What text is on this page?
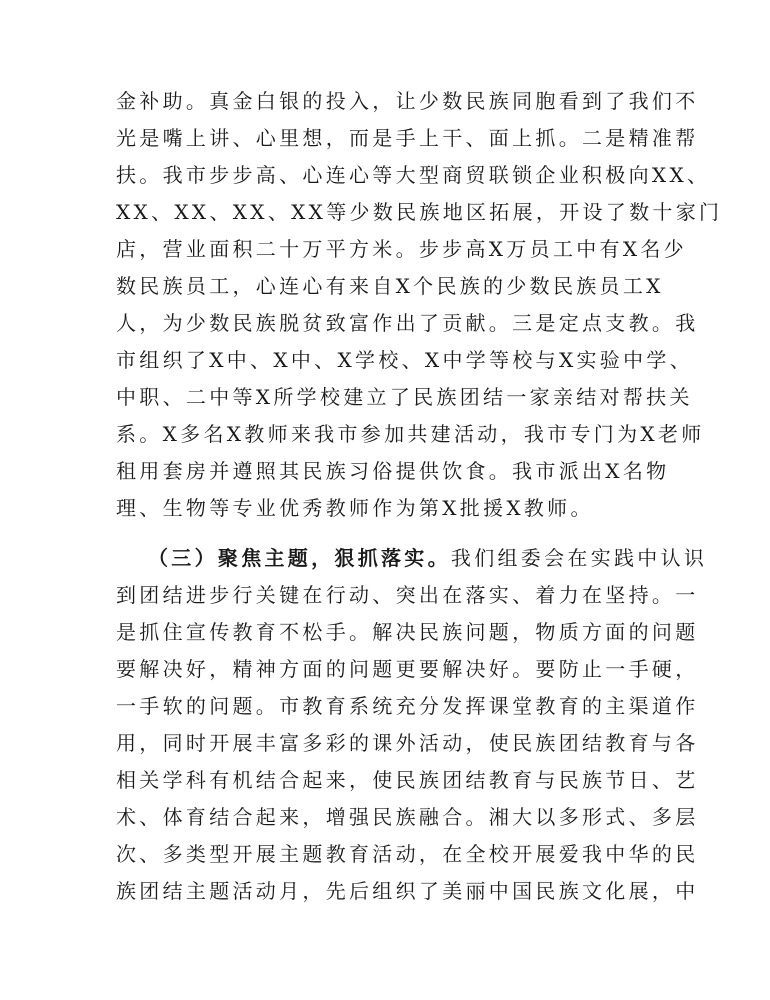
金补助。真金白银的投入，让少数民族同胞看到了我们不
光是嘴上讲、心里想，而是手上干、面上抓。二是精准帮
扶。我市步步高、心连心等大型商贸联锁企业积极向XX、
XX、XX、XX、XX等少数民族地区拓展，开设了数十家门
店，营业面积二十万平方米。步步高X万员工中有X名少
数民族员工，心连心有来自X个民族的少数民族员工X
人，为少数民族脱贫致富作出了贡献。三是定点支教。我
市组织了X中、X中、X学校、X中学等校与X实验中学、
中职、二中等X所学校建立了民族团结一家亲结对帮扶关
系。X多名X教师来我市参加共建活动，我市专门为X老师
租用套房并遵照其民族习俗提供饮食。我市派出X名物
理、生物等专业优秀教师作为第X批援X教师。
（三）聚焦主题，狠抓落实。我们组委会在实践中认识
到团结进步行关键在行动、突出在落实、着力在坚持。一
是抓住宣传教育不松手。解决民族问题，物质方面的问题
要解决好，精神方面的问题更要解决好。要防止一手硬，
一手软的问题。市教育系统充分发挥课堂教育的主渠道作
用，同时开展丰富多彩的课外活动，使民族团结教育与各
相关学科有机结合起来，使民族团结教育与民族节日、艺
术、体育结合起来，增强民族融合。湘大以多形式、多层
次、多类型开展主题教育活动，在全校开展爱我中华的民
族团结主题活动月，先后组织了美丽中国民族文化展，中
